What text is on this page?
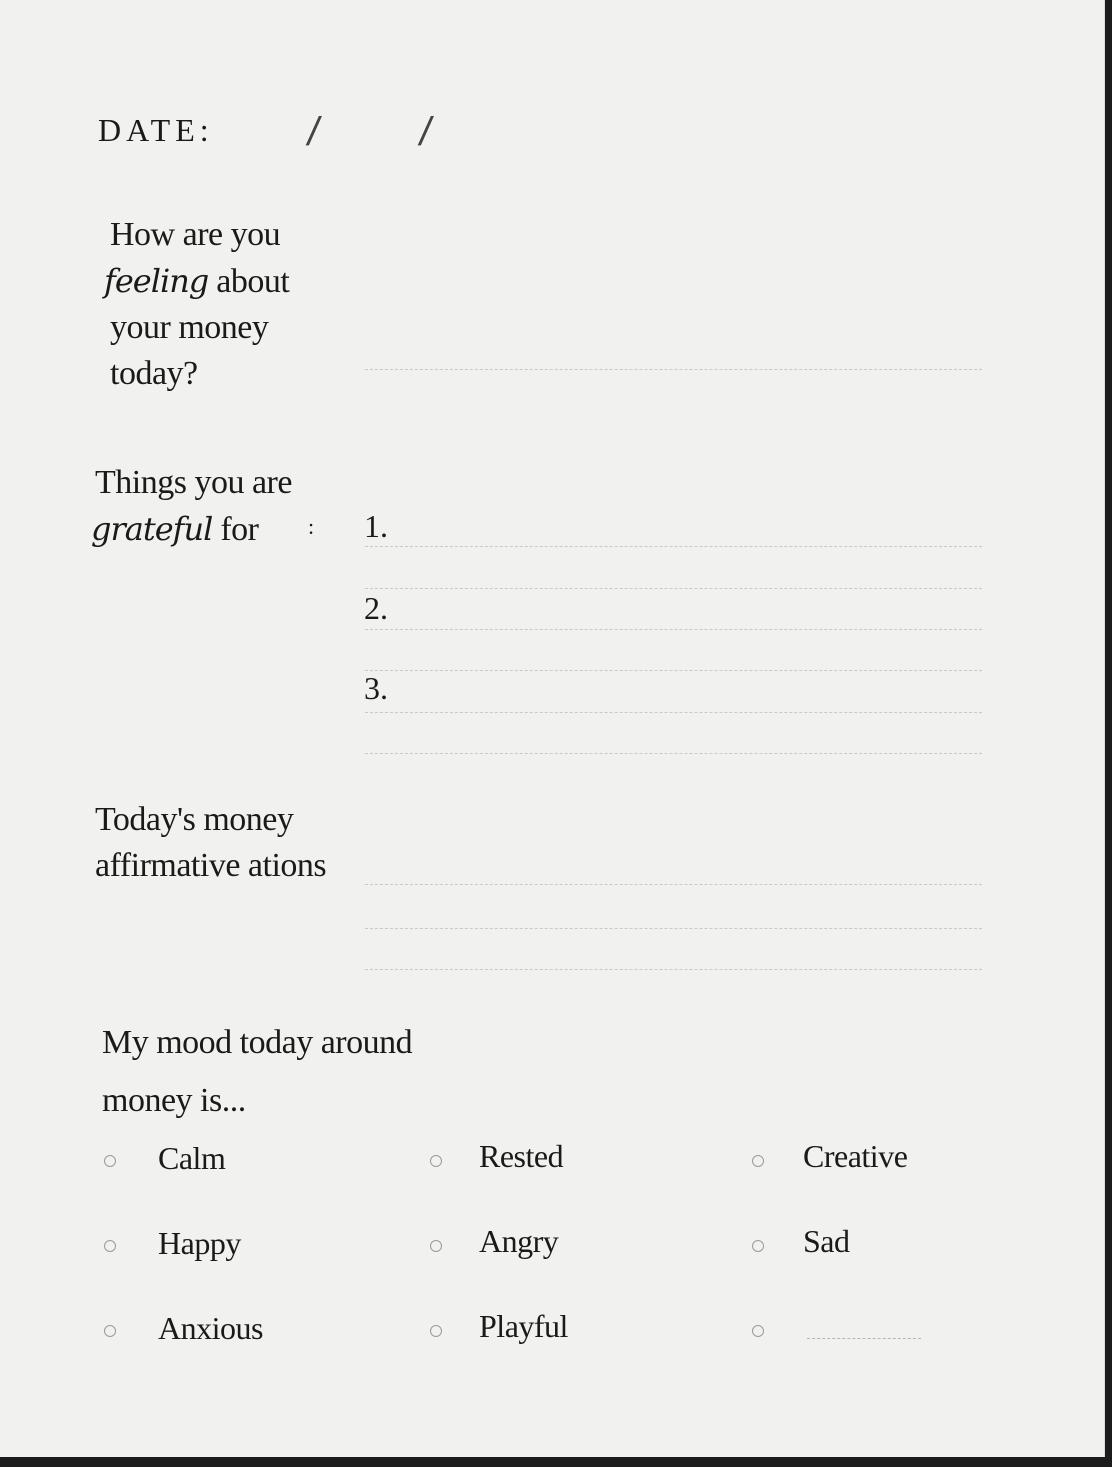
DATE: / /
How are you
feeling about
your money
today?
Things you are
grateful for	: 1.
2.
3.
Today's money
affirmative ations
My mood today around
money is...
Calm	Rested	Creative
Happy	Angry	Sad
Anxious	Playful
